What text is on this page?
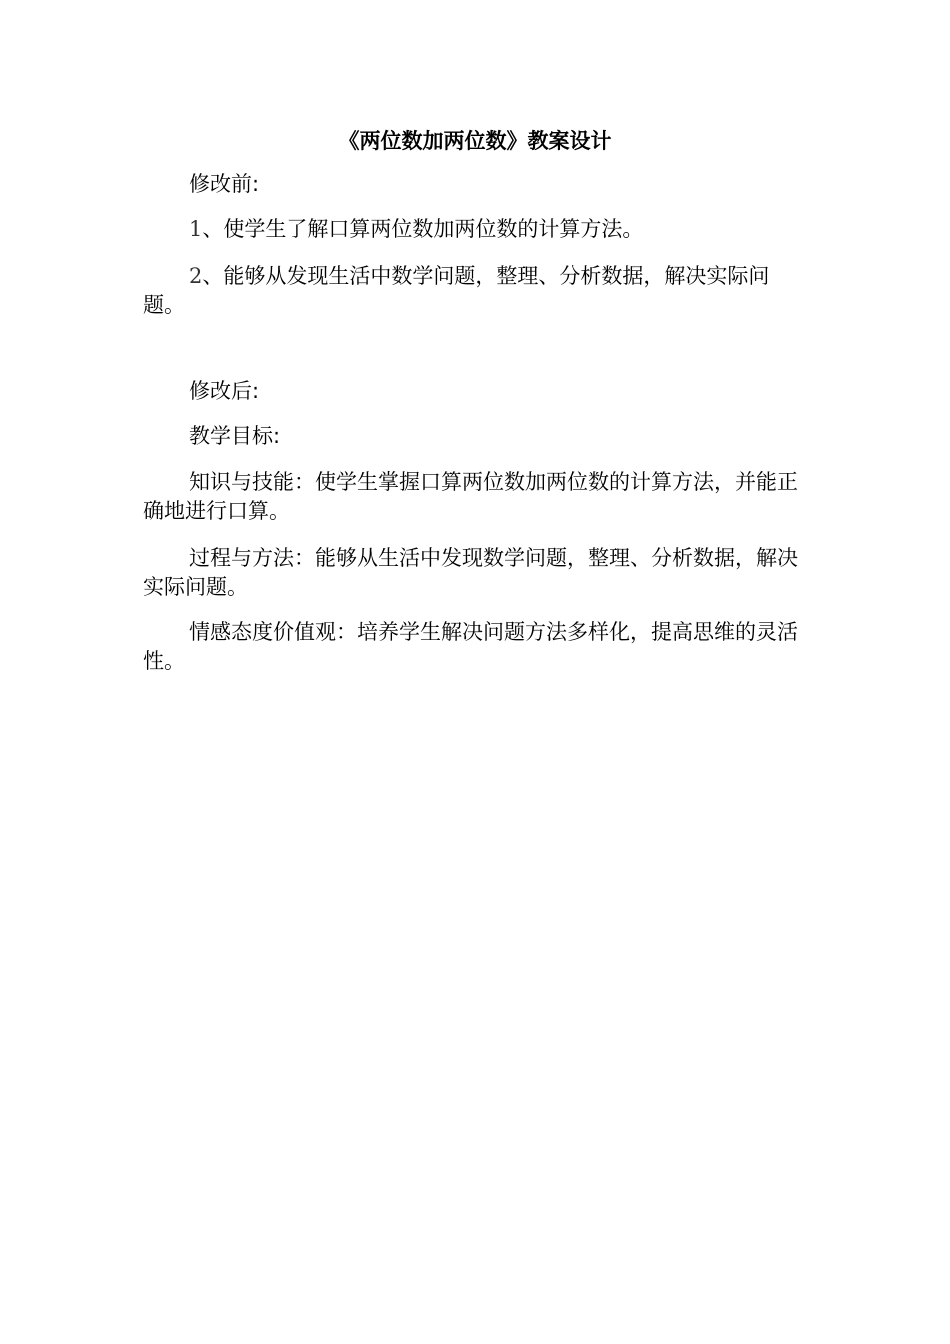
《两位数加两位数》教案设计
修改前:
1、使学生了解口算两位数加两位数的计算方法。
2、能够从发现生活中数学问题，整理、分析数据，解决实际问题。
修改后:
教学目标:
知识与技能：使学生掌握口算两位数加两位数的计算方法，并能正确地进行口算。
过程与方法：能够从生活中发现数学问题，整理、分析数据，解决实际问题。
情感态度价值观：培养学生解决问题方法多样化，提高思维的灵活性。
